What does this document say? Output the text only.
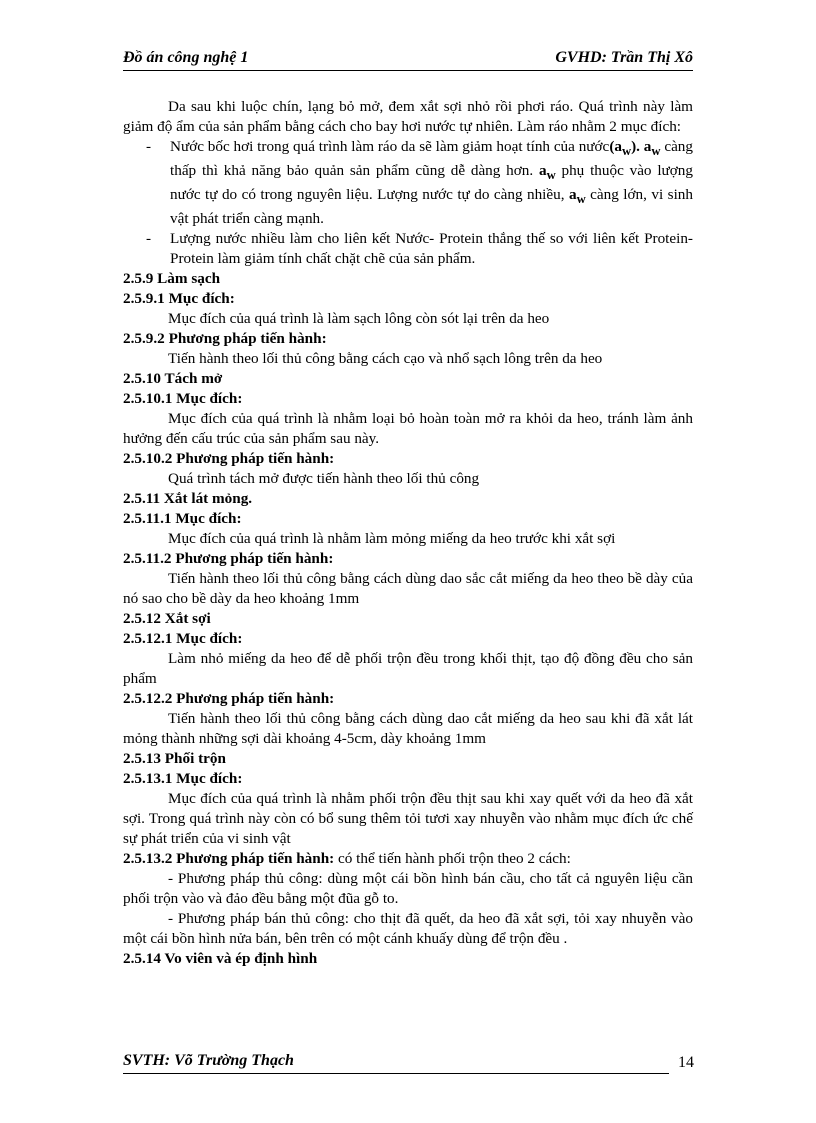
Đồ án công nghệ 1	GVHD: Trần Thị Xô

Da sau khi luộc chín, lạng bỏ mở, đem xắt sợi nhỏ rồi phơi ráo. Quá trình này làm giảm độ ẩm của sản phẩm bằng cách cho bay hơi nước tự nhiên. Làm ráo nhằm 2 mục đích:

- Nước bốc hơi trong quá trình làm ráo da sẽ làm giảm hoạt tính của $nước(a_w)$. $a_w$ càng thấp thì khả năng bảo quản sản phẩm cũng dễ dàng hơn. $a_w$ phụ thuộc vào lượng nước tự do có trong nguyên liệu. Lượng nước tự do càng nhiều, $a_w$ càng lớn, vi sinh vật phát triển càng mạnh.

- Lượng nước nhiều làm cho liên kết Nước- Protein thắng thế so với liên kết Protein-Protein làm giảm tính chất chặt chẽ của sản phẩm.

2.5.9 Làm sạch

2.5.9.1 Mục đích:

Mục đích của quá trình là làm sạch lông còn sót lại trên da heo

2.5.9.2 Phương pháp tiến hành:

Tiến hành theo lối thủ công bằng cách cạo và nhổ sạch lông trên da heo

2.5.10 Tách mở

2.5.10.1 Mục đích:

Mục đích của quá trình là nhằm loại bỏ hoàn toàn mở ra khỏi da heo, tránh làm ảnh hưởng đến cấu trúc của sản phẩm sau này.

2.5.10.2 Phương pháp tiến hành:

Quá trình tách mở được tiến hành theo lối thủ công

2.5.11 Xắt lát mỏng.

2.5.11.1 Mục đích:

Mục đích của quá trình là nhằm làm mỏng miếng da heo trước khi xắt sợi

2.5.11.2 Phương pháp tiến hành:

Tiến hành theo lối thủ công bằng cách dùng dao sắc cắt miếng da heo theo bề dày của nó sao cho bề dày da heo khoảng 1mm

2.5.12 Xắt sợi

2.5.12.1 Mục đích:

Làm nhỏ miếng da heo để dễ phối trộn đều trong khối thịt, tạo độ đồng đều cho sản phẩm

2.5.12.2 Phương pháp tiến hành:

Tiến hành theo lối thủ công bằng cách dùng dao cắt miếng da heo sau khi đã xắt lát mỏng thành những sợi dài khoảng 4-5cm, dày khoảng 1mm

2.5.13 Phối trộn

2.5.13.1 Mục đích:

Mục đích của quá trình là nhằm phối trộn đều thịt sau khi xay quết với da heo đã xắt sợi. Trong quá trình này còn có bổ sung thêm tỏi tươi xay nhuyễn vào nhằm mục đích ức chế sự phát triển của vi sinh vật

2.5.13.2 Phương pháp tiến hành: có thể tiến hành phối trộn theo 2 cách:

- Phương pháp thủ công: dùng một cái bồn hình bán cầu, cho tất cả nguyên liệu cần phối trộn vào và đảo đều bằng một đũa gỗ to.

- Phương pháp bán thủ công: cho thịt đã quết, da heo đã xắt sợi, tỏi xay nhuyễn vào một cái bồn hình nửa bán, bên trên có một cánh khuấy dùng để trộn đều .

2.5.14 Vo viên và ép định hình

SVTH: Võ Trường Thạch	14
